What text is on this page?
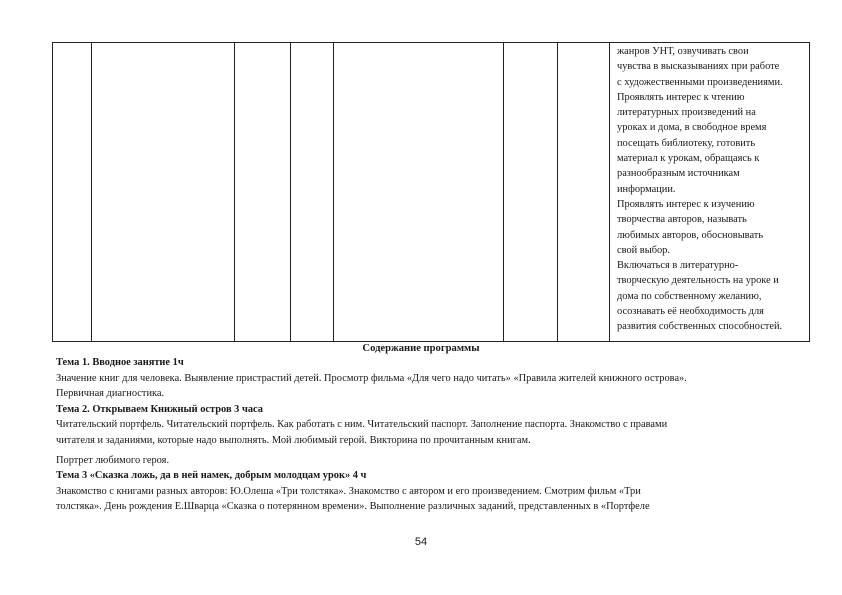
жанров УНТ, озвучивать свои
чувства в высказываниях при работе
с художественными произведениями.
Проявлять интерес к чтению
литературных произведений на
уроках и дома, в свободное время
посещать библиотеку, готовить
материал к урокам, обращаясь к
разнообразным источникам
информации.
Проявлять интерес к изучению
творчества авторов, называть
любимых авторов, обосновывать
свой выбор.
Включаться в литературно-
творческую деятельность на уроке и
дома по собственному желанию,
осознавать её необходимость для
развития собственных способностей.
Содержание программы
Тема 1. Вводное занятие 1ч
Значение книг для человека. Выявление пристрастий детей. Просмотр фильма «Для чего надо читать» «Правила жителей книжного острова».
Первичная диагностика.
Тема 2. Открываем Книжный остров 3 часа
Читательский портфель. Читательский портфель. Как работать с ним. Читательский паспорт. Заполнение паспорта. Знакомство с правами
читателя и заданиями, которые надо выполнять. Мой любимый герой. Викторина по прочитанным книгам.
Портрет любимого героя.
Тема 3 «Сказка ложь, да в ней намек, добрым молодцам урок» 4 ч
Знакомство с книгами разных авторов: Ю.Олеша «Три толстяка». Знакомство с автором и его произведением. Смотрим фильм «Три
толстяка». День рождения Е.Шварца «Сказка о потерянном времени». Выполнение различных заданий, представленных в «Портфеле
54
